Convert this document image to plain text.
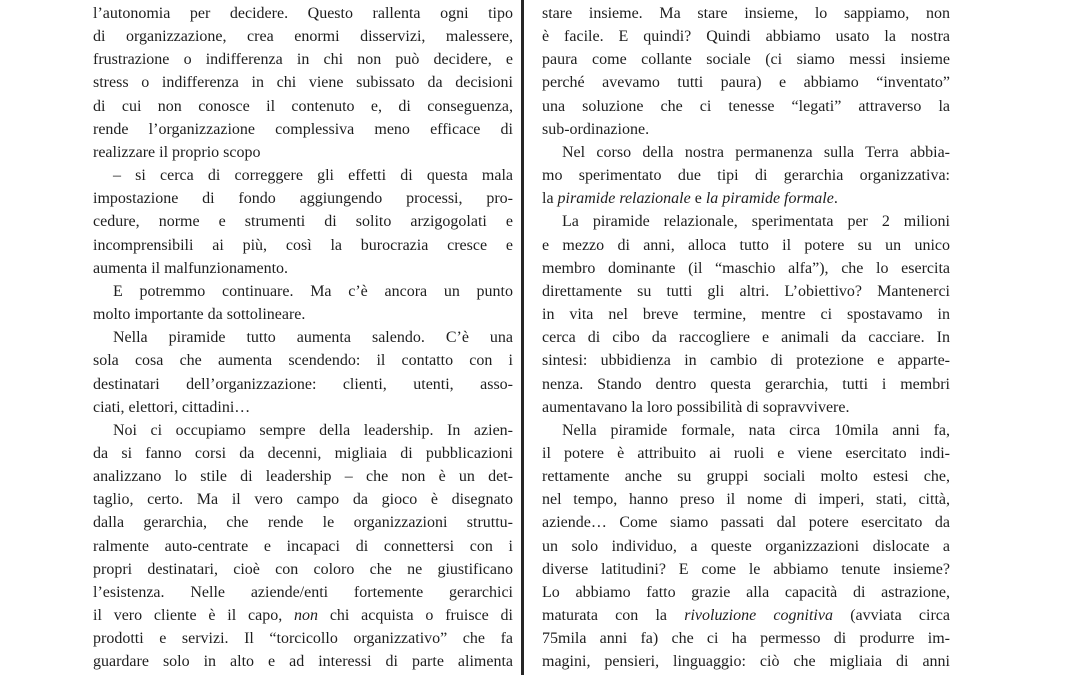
l’autonomia per decidere. Questo rallenta ogni tipo
di organizzazione, crea enormi disservizi, malessere,
frustrazione o indifferenza in chi non può decidere, e
stress o indifferenza in chi viene subissato da decisioni
di cui non conosce il contenuto e, di conseguenza,
rende l’organizzazione complessiva meno efficace di
realizzare il proprio scopo
– si cerca di correggere gli effetti di questa mala
impostazione di fondo aggiungendo processi, pro-
cedure, norme e strumenti di solito arzigogolati e
incomprensibili ai più, così la burocrazia cresce e
aumenta il malfunzionamento.
E potremmo continuare. Ma c’è ancora un punto
molto importante da sottolineare.
Nella piramide tutto aumenta salendo. C’è una
sola cosa che aumenta scendendo: il contatto con i
destinatari dell’organizzazione: clienti, utenti, asso-
ciati, elettori, cittadini…
Noi ci occupiamo sempre della leadership. In azien-
da si fanno corsi da decenni, migliaia di pubblicazioni
analizzano lo stile di leadership – che non è un det-
taglio, certo. Ma il vero campo da gioco è disegnato
dalla gerarchia, che rende le organizzazioni struttu-
ralmente auto-centrate e incapaci di connettersi con i
propri destinatari, cioè con coloro che ne giustificano
l’esistenza. Nelle aziende/enti fortemente gerarchici
il vero cliente è il capo, non chi acquista o fruisce di
prodotti e servizi. Il “torcicollo organizzativo” che fa
guardare solo in alto e ad interessi di parte alimenta
stare insieme. Ma stare insieme, lo sappiamo, non
è facile. E quindi? Quindi abbiamo usato la nostra
paura come collante sociale (ci siamo messi insieme
perché avevamo tutti paura) e abbiamo “inventato”
una soluzione che ci tenesse “legati” attraverso la
sub-ordinazione.
Nel corso della nostra permanenza sulla Terra abbia-
mo sperimentato due tipi di gerarchia organizzativa:
la piramide relazionale e la piramide formale.
La piramide relazionale, sperimentata per 2 milioni
e mezzo di anni, alloca tutto il potere su un unico
membro dominante (il “maschio alfa”), che lo esercita
direttamente su tutti gli altri. L’obiettivo? Mantenerci
in vita nel breve termine, mentre ci spostavamo in
cerca di cibo da raccogliere e animali da cacciare. In
sintesi: ubbidienza in cambio di protezione e apparte-
nenza. Stando dentro questa gerarchia, tutti i membri
aumentavano la loro possibilità di sopravvivere.
Nella piramide formale, nata circa 10mila anni fa,
il potere è attribuito ai ruoli e viene esercitato indi-
rettamente anche su gruppi sociali molto estesi che,
nel tempo, hanno preso il nome di imperi, stati, città,
aziende… Come siamo passati dal potere esercitato da
un solo individuo, a queste organizzazioni dislocate a
diverse latitudini? E come le abbiamo tenute insieme?
Lo abbiamo fatto grazie alla capacità di astrazione,
maturata con la rivoluzione cognitiva (avviata circa
75mila anni fa) che ci ha permesso di produrre im-
magini, pensieri, linguaggio: ciò che migliaia di anni
